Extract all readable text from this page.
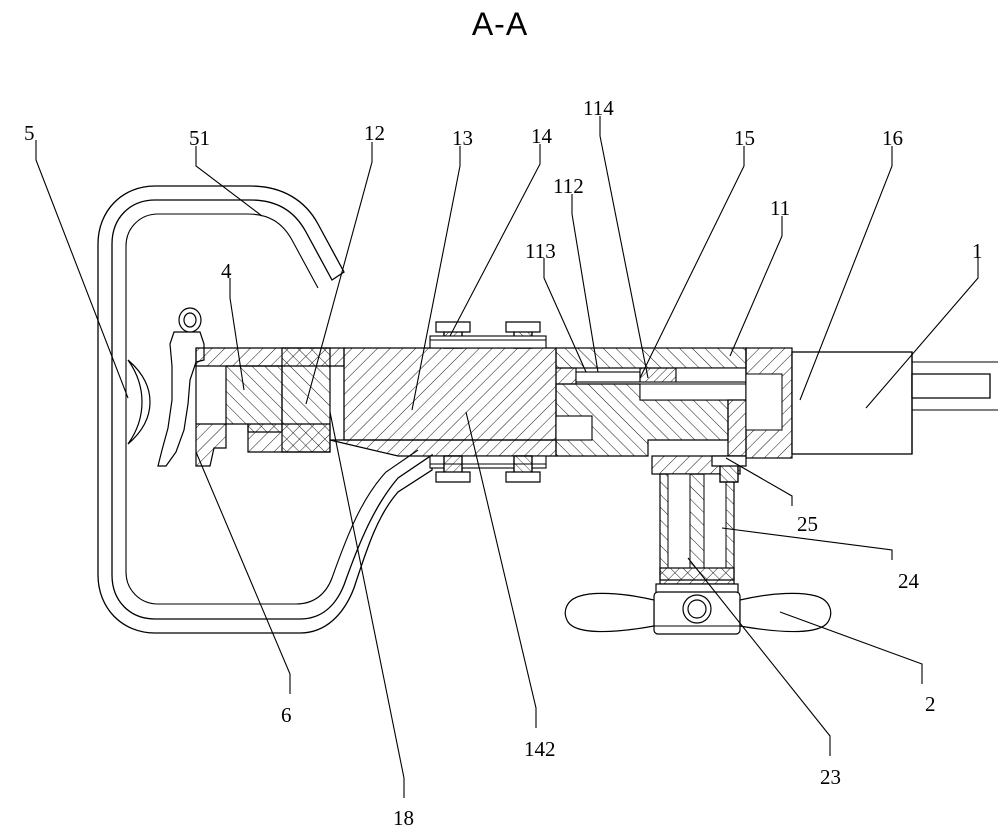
A-A
5	51	12	13	14
114
15	16
112
11
113	1
4
25
24
6	2
142
23
18
